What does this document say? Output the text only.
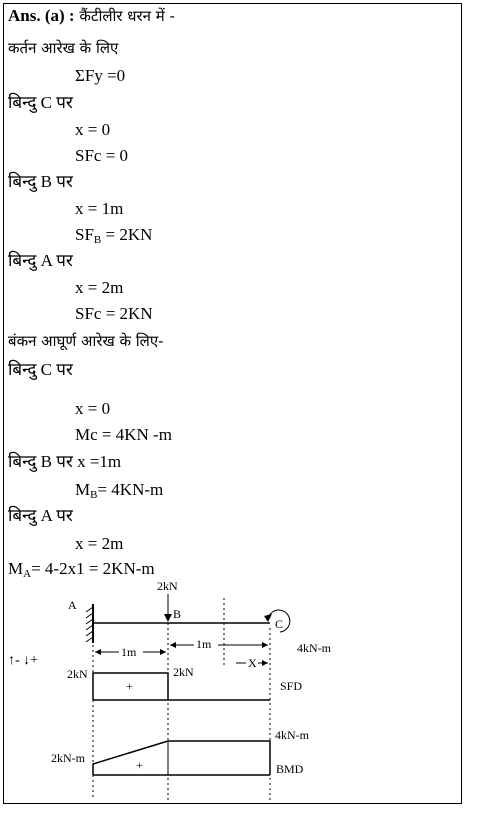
Ans. (a) : कैंटीलीर धरन में -
कर्तन आरेख के लिए
ΣFy =0
बिन्दु C पर
x = 0
SFc = 0
बिन्दु B पर
x = 1m
$SF_B = 2KN$
बिन्दु A पर
x = 2m
SFc = 2KN
बंकन आघूर्ण आरेख के लिए-
बिन्दु C पर
x = 0
Mc = 4KN -m
बिन्दु B पर x =1m
$M_B= 4KN-m$
बिन्दु A पर
x = 2m
$M_A= 4-2x1 = 2KN-m$
A
2kN
B
C
4kN-m
1m
1m
X
↑- ↓+
2kN	2kN
+	SFD
4kN-m
2kN-m	+	BMD
